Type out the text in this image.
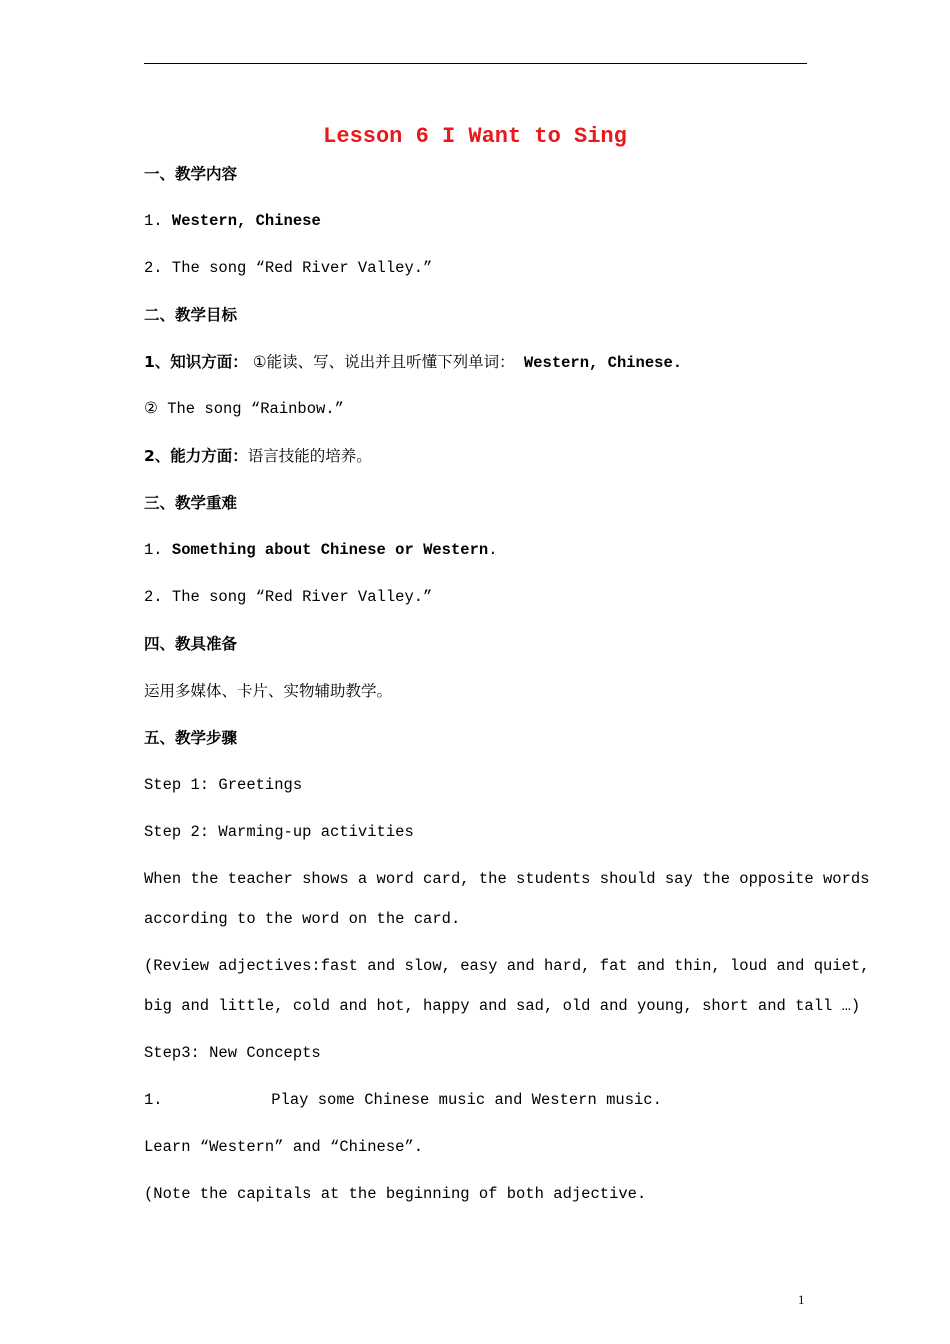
Lesson 6 I Want to Sing
一、教学内容
1. Western, Chinese
2. The song “Red River Valley.”
二、教学目标
1、知识方面： ①能读、写、说出并且听懂下列单词： Western, Chinese.
② The song “Rainbow.”
2、能力方面：语言技能的培养。
三、教学重难
1. Something about Chinese or Western.
2. The song “Red River Valley.”
四、教具准备
运用多媒体、卡片、实物辅助教学。
五、教学步骤
Step 1: Greetings
Step 2: Warming-up activities
When the teacher shows a word card, the students should say the opposite words
according to the word on the card.
(Review adjectives:fast and slow, easy and hard, fat and thin, loud and quiet,
big and little, cold and hot, happy and sad, old and young, short and tall …)
Step3: New Concepts
1.	Play some Chinese music and Western music.
Learn “Western” and “Chinese”.
(Note the capitals at the beginning of both adjective.
1
